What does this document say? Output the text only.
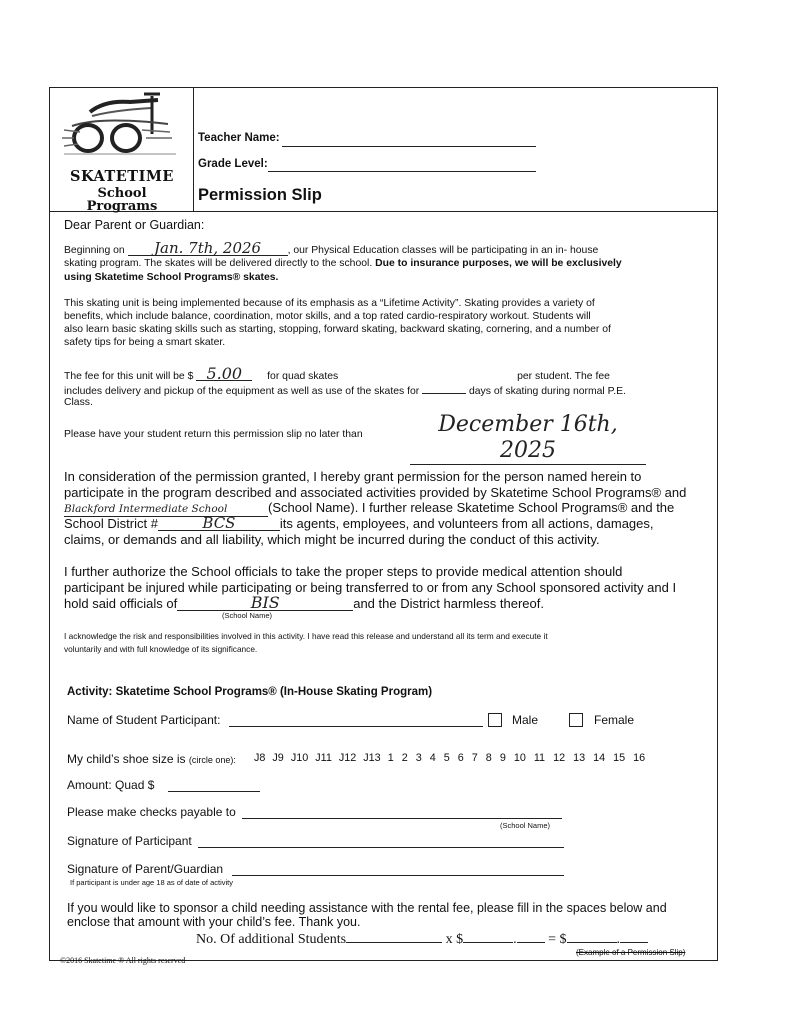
SKATETIME
School Programs
Teacher Name:
Grade Level:
Permission Slip
Dear Parent or Guardian:
Beginning on Jan. 7th, 2026	, our Physical Education classes will be participating in an in- house
skating program. The skates will be delivered directly to the school. Due to insurance purposes, we will be exclusively
using Skatetime School Programs® skates.
This skating unit is being implemented because of its emphasis as a “Lifetime Activity”. Skating provides a variety of
benefits, which include balance, coordination, motor skills, and a top rated cardio-respiratory workout. Students will
also learn basic skating skills such as starting, stopping, forward skating, backward skating, cornering, and a number of
safety tips for being a smart skater.
The fee for this unit will be $ 5.00 for quad skates	per student. The fee
includes delivery and pickup of the equipment as well as use of the skates for	days of skating during normal P.E.
Class.
Please have your student return this permission slip no later than	December 16th, 2025
In consideration of the permission granted, I hereby grant permission for the person named herein to
participate in the program described and associated activities provided by Skatetime School Programs® and
Blackford Intermediate School	(School Name). I further release Skatetime School Programs® and the
School District #	BCS	its agents, employees, and volunteers from all actions, damages,
claims, or demands and all liability, which might be incurred during the conduct of this activity.
I further authorize the School officials to take the proper steps to provide medical attention should
participant be injured while participating or being transferred to or from any School sponsored activity and I
hold said officials of	BIS	and the District harmless thereof.
(School Name)
I acknowledge the risk and responsibilities involved in this activity. I have read this release and understand all its term and execute it
voluntarily and with full knowledge of its significance.
Activity: Skatetime School Programs® (In-House Skating Program)
Name of Student Participant:	Male	Female
My child’s shoe size is (circle one): J8 J9 J10 J11 J12 J13 1 2 3 4 5 6 7 8 9 10 11 12 13 14 15 16
Amount: Quad $
Please make checks payable to
(School Name)
Signature of Participant
Signature of Parent/Guardian
If participant is under age 18 as of date of activity
If you would like to sponsor a child needing assistance with the rental fee, please fill in the spaces below and
enclose that amount with your child’s fee. Thank you.
No. Of additional Students	x $	. = $	.
(Example of a Permission Slip)
©2016 Skatetime ® All rights reserved
